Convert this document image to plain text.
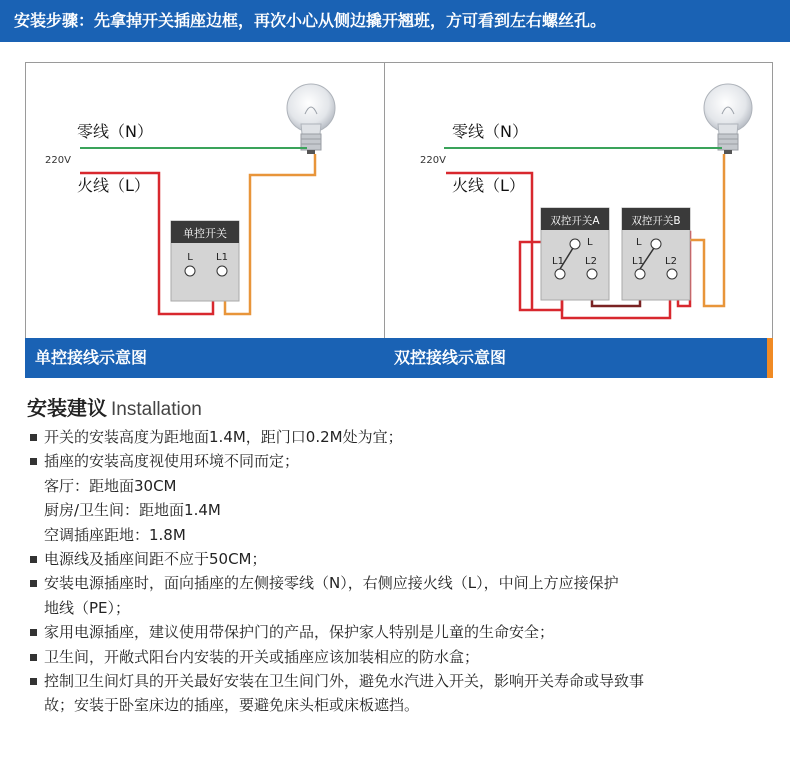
安装步骤：先拿掉开关插座边框，再次小心从侧边撬开翘班，方可看到左右螺丝孔。
零线（N）
220V
火线（L）
单控开关
L L1
单控接线示意图
零线（N）
220V
火线（L）
双控开关A	双控开关B
L
L1 L2
L
L1 L2
双控接线示意图
安装建议 Installation
开关的安装高度为距地面1.4M，距门口0.2M处为宜；
插座的安装高度视使用环境不同而定；
客厅：距地面30CM
厨房/卫生间：距地面1.4M
空调插座距地：1.8M
电源线及插座间距不应于50CM；
安装电源插座时，面向插座的左侧接零线（N），右侧应接火线（L），中间上方应接保护
地线（PE）；
家用电源插座，建议使用带保护门的产品，保护家人特别是儿童的生命安全；
卫生间，开敞式阳台内安装的开关或插座应该加装相应的防水盒；
控制卫生间灯具的开关最好安装在卫生间门外，避免水汽进入开关，影响开关寿命或导致事
故；安装于卧室床边的插座，要避免床头柜或床板遮挡。
